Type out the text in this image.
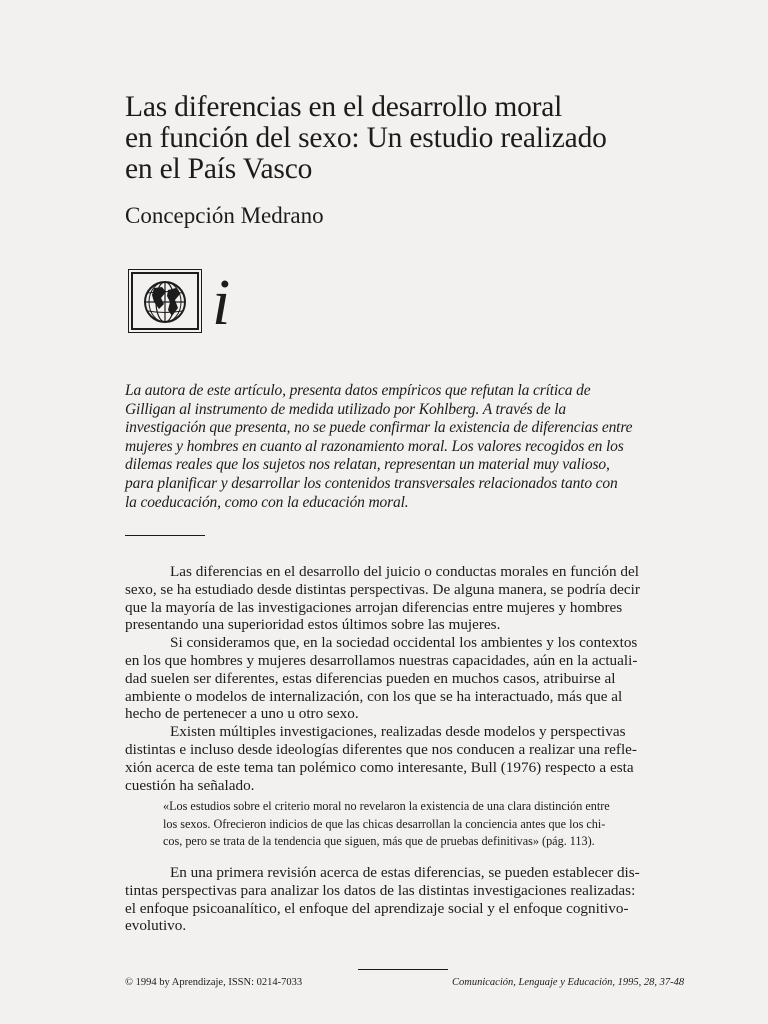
Las diferencias en el desarrollo moral
en función del sexo: Un estudio realizado
en el País Vasco
Concepción Medrano
i
La autora de este artículo, presenta datos empíricos que refutan la crítica de
Gilligan al instrumento de medida utilizado por Kohlberg. A través de la
investigación que presenta, no se puede confirmar la existencia de diferencias entre
mujeres y hombres en cuanto al razonamiento moral. Los valores recogidos en los
dilemas reales que los sujetos nos relatan, representan un material muy valioso,
para planificar y desarrollar los contenidos transversales relacionados tanto con
la coeducación, como con la educación moral.
Las diferencias en el desarrollo del juicio o conductas morales en función del
sexo, se ha estudiado desde distintas perspectivas. De alguna manera, se podría decir
que la mayoría de las investigaciones arrojan diferencias entre mujeres y hombres
presentando una superioridad estos últimos sobre las mujeres.
Si consideramos que, en la sociedad occidental los ambientes y los contextos
en los que hombres y mujeres desarrollamos nuestras capacidades, aún en la actuali-
dad suelen ser diferentes, estas diferencias pueden en muchos casos, atribuirse al
ambiente o modelos de internalización, con los que se ha interactuado, más que al
hecho de pertenecer a uno u otro sexo.
Existen múltiples investigaciones, realizadas desde modelos y perspectivas
distintas e incluso desde ideologías diferentes que nos conducen a realizar una refle-
xión acerca de este tema tan polémico como interesante, Bull (1976) respecto a esta
cuestión ha señalado.
«Los estudios sobre el criterio moral no revelaron la existencia de una clara distinción entre
los sexos. Ofrecieron indicios de que las chicas desarrollan la conciencia antes que los chi-
cos, pero se trata de la tendencia que siguen, más que de pruebas definitivas» (pág. 113).
En una primera revisión acerca de estas diferencias, se pueden establecer dis-
tintas perspectivas para analizar los datos de las distintas investigaciones realizadas:
el enfoque psicoanalítico, el enfoque del aprendizaje social y el enfoque cognitivo-
evolutivo.
© 1994 by Aprendizaje, ISSN: 0214-7033	Comunicación, Lenguaje y Educación, 1995, 28, 37-48
